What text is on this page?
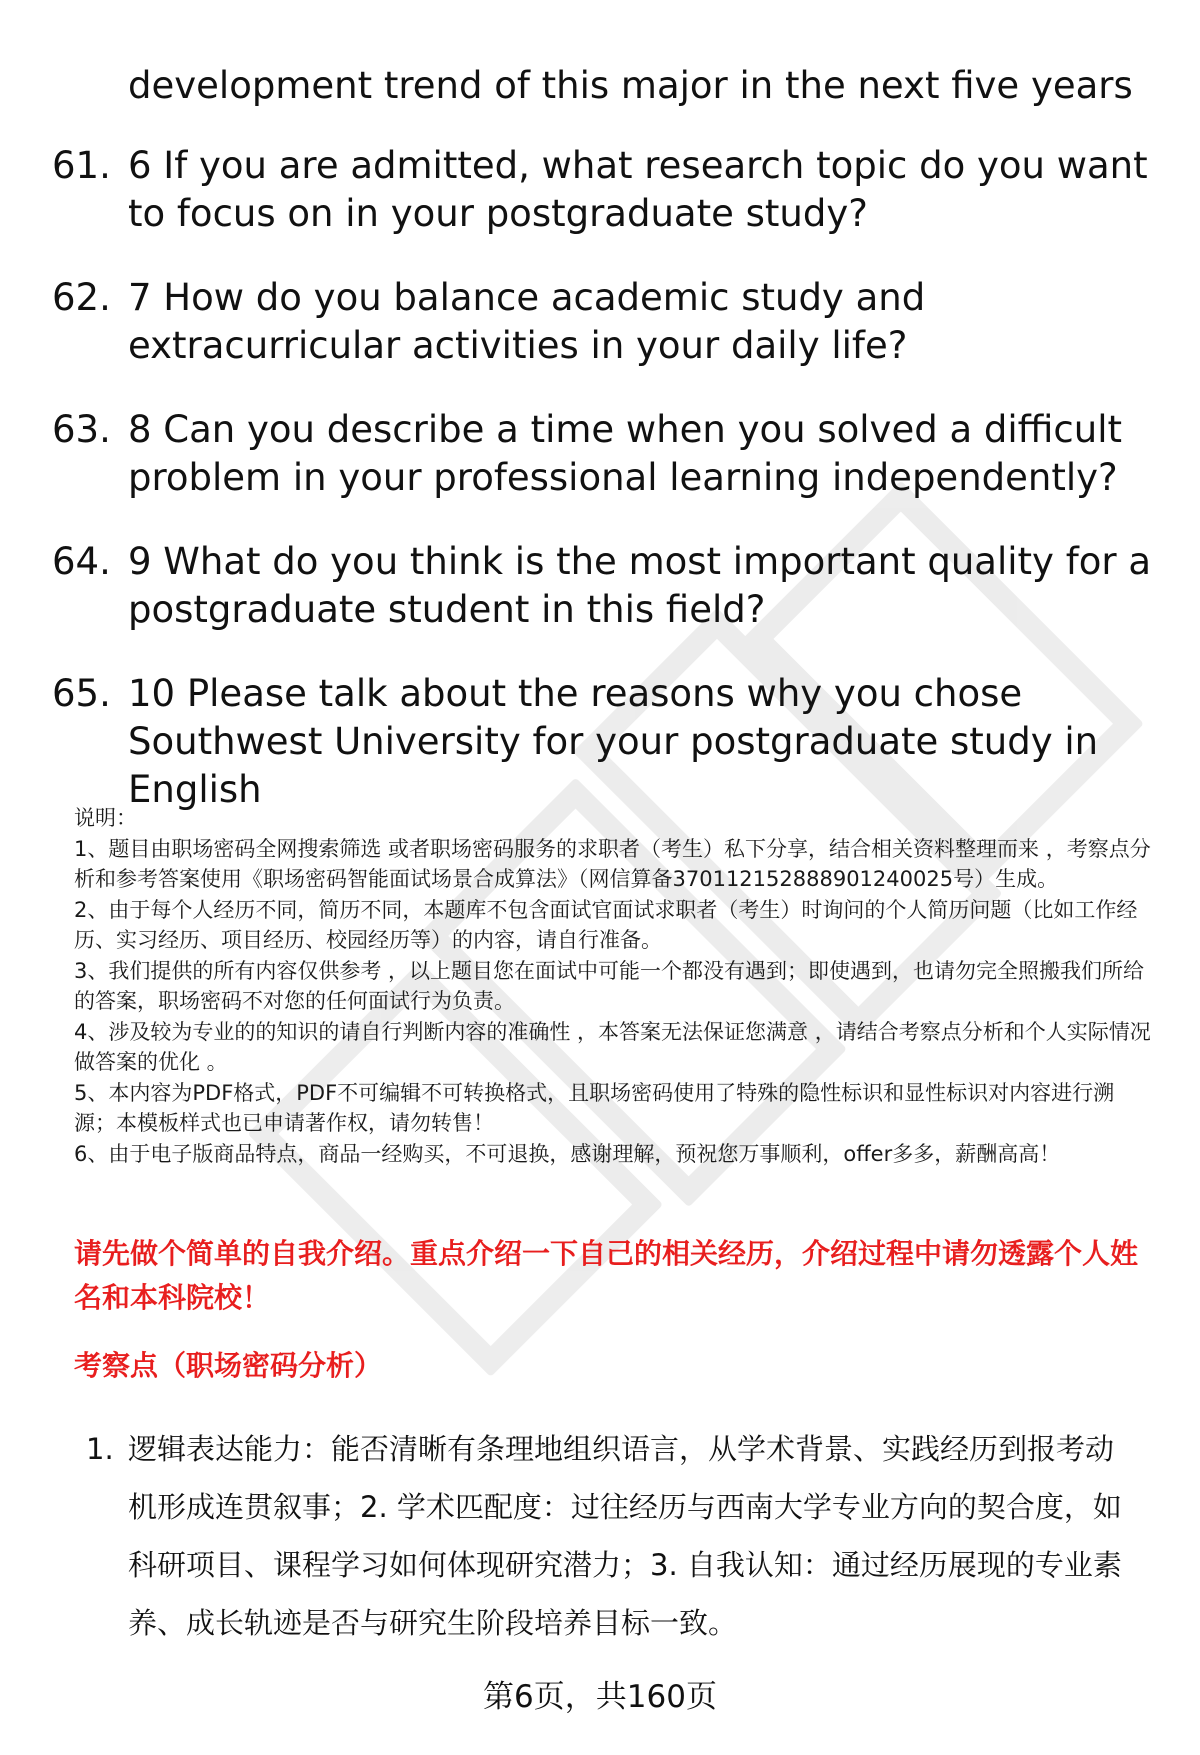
development trend of this major in the next five years
61. 6 If you are admitted, what research topic do you want to focus on in your postgraduate study?
62. 7 How do you balance academic study and extracurricular activities in your daily life?
63. 8 Can you describe a time when you solved a difficult problem in your professional learning independently?
64. 9 What do you think is the most important quality for a postgraduate student in this field?
65. 10 Please talk about the reasons why you chose Southwest University for your postgraduate study in English

说明：

1、题目由职场密码全网搜索筛选 或者职场密码服务的求职者（考生）私下分享，结合相关资料整理而来 ，考察点分析和参考答案使用《职场密码智能面试场景合成算法》（网信算备370112152888901240025号）生成。

2、由于每个人经历不同，简历不同，本题库不包含面试官面试求职者（考生）时询问的个人简历问题（比如工作经历、实习经历、项目经历、校园经历等）的内容，请自行准备。

3、我们提供的所有内容仅供参考 ，以上题目您在面试中可能一个都没有遇到；即使遇到，也请勿完全照搬我们所给的答案，职场密码不对您的任何面试行为负责。

4、涉及较为专业的的知识的请自行判断内容的准确性 ，本答案无法保证您满意 ，请结合考察点分析和个人实际情况做答案的优化 。

5、本内容为PDF格式，PDF不可编辑不可转换格式，且职场密码使用了特殊的隐性标识和显性标识对内容进行溯源；本模板样式也已申请著作权，请勿转售！

6、由于电子版商品特点，商品一经购买，不可退换，感谢理解，预祝您万事顺利，offer多多，薪酬高高！

请先做个简单的自我介绍。重点介绍一下自己的相关经历，介绍过程中请勿透露个人姓名和本科院校！
考察点（职场密码分析）
1. 逻辑表达能力：能否清晰有条理地组织语言，从学术背景、实践经历到报考动机形成连贯叙事；2. 学术匹配度：过往经历与西南大学专业方向的契合度，如科研项目、课程学习如何体现研究潜力；3. 自我认知：通过经历展现的专业素养、成长轨迹是否与研究生阶段培养目标一致。
第6页，共160页
